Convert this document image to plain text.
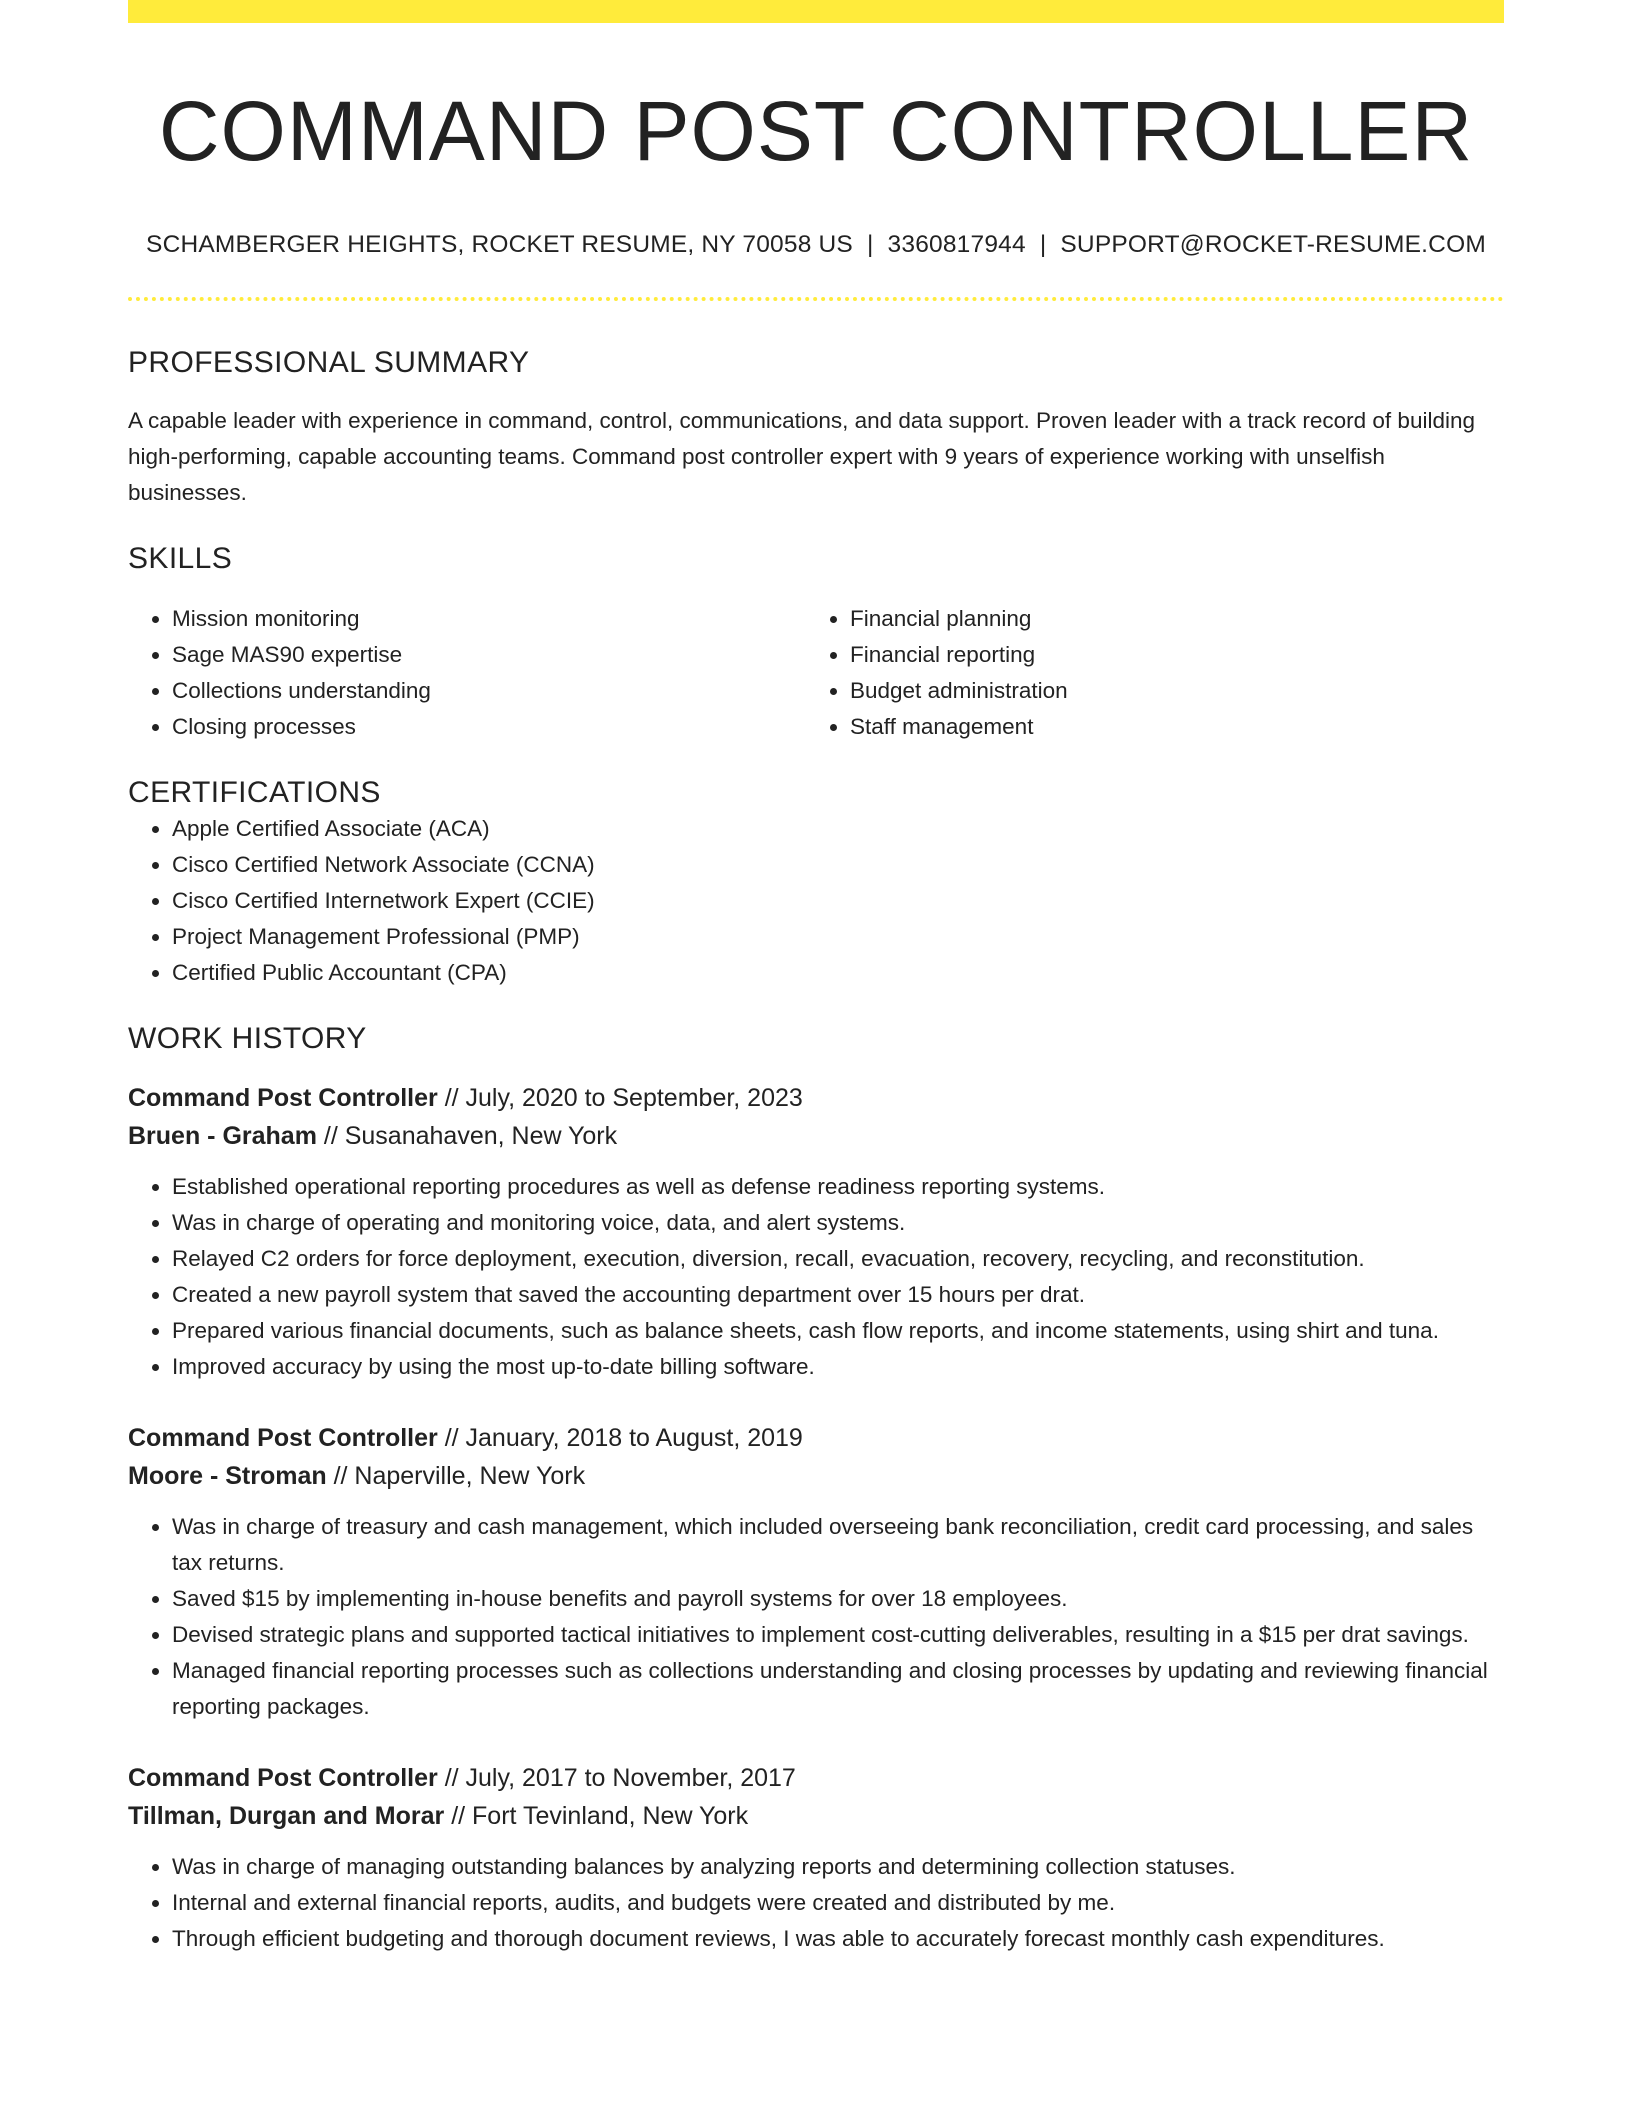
COMMAND POST CONTROLLER
SCHAMBERGER HEIGHTS, ROCKET RESUME, NY 70058 US | 3360817944 | SUPPORT@ROCKET-RESUME.COM
PROFESSIONAL SUMMARY

A capable leader with experience in command, control, communications, and data support. Proven leader with a track record of building high-performing, capable accounting teams. Command post controller expert with 9 years of experience working with unselfish businesses.

SKILLS
• Mission monitoring
• Sage MAS90 expertise
• Collections understanding
• Closing processes
• Financial planning
• Financial reporting
• Budget administration
• Staff management
CERTIFICATIONS
• Apple Certified Associate (ACA)
• Cisco Certified Network Associate (CCNA)
• Cisco Certified Internetwork Expert (CCIE)
• Project Management Professional (PMP)
• Certified Public Accountant (CPA)
WORK HISTORY
Command Post Controller // July, 2020 to September, 2023
Bruen - Graham // Susanahaven, New York
• Established operational reporting procedures as well as defense readiness reporting systems.
• Was in charge of operating and monitoring voice, data, and alert systems.
• Relayed C2 orders for force deployment, execution, diversion, recall, evacuation, recovery, recycling, and reconstitution.
• Created a new payroll system that saved the accounting department over 15 hours per drat.
• Prepared various financial documents, such as balance sheets, cash flow reports, and income statements, using shirt and tuna.
• Improved accuracy by using the most up-to-date billing software.
Command Post Controller // January, 2018 to August, 2019
Moore - Stroman // Naperville, New York
• Was in charge of treasury and cash management, which included overseeing bank reconciliation, credit card processing, and sales tax returns.
• Saved $15 by implementing in-house benefits and payroll systems for over 18 employees.
• Devised strategic plans and supported tactical initiatives to implement cost-cutting deliverables, resulting in a $15 per drat savings.
• Managed financial reporting processes such as collections understanding and closing processes by updating and reviewing financial reporting packages.
Command Post Controller // July, 2017 to November, 2017
Tillman, Durgan and Morar // Fort Tevinland, New York
• Was in charge of managing outstanding balances by analyzing reports and determining collection statuses.
• Internal and external financial reports, audits, and budgets were created and distributed by me.
• Through efficient budgeting and thorough document reviews, I was able to accurately forecast monthly cash expenditures.
